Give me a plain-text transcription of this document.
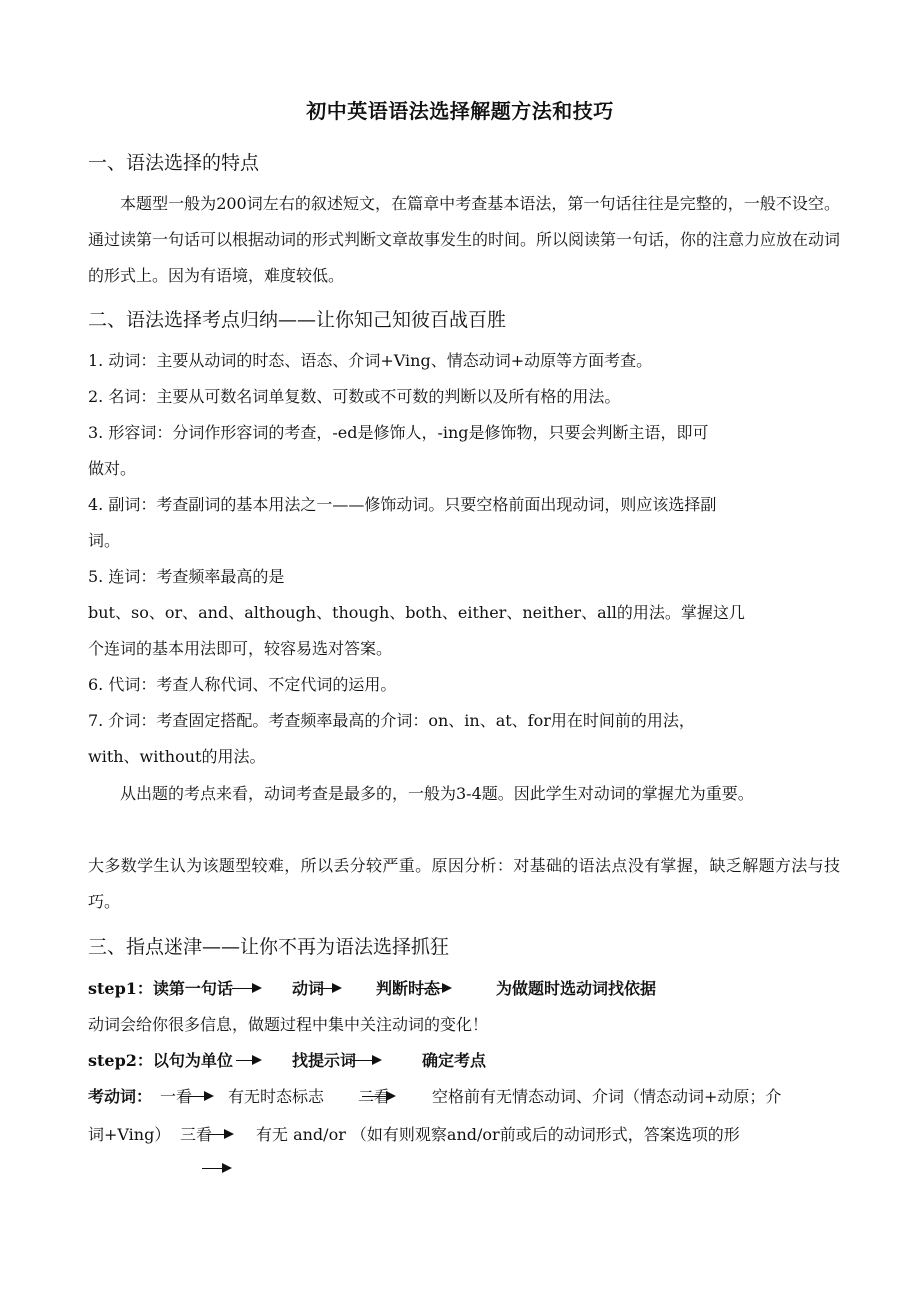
初中英语语法选择解题方法和技巧
一、语法选择的特点
本题型一般为200词左右的叙述短文，在篇章中考查基本语法，第一句话往往是完整的，一般不设空。通过读第一句话可以根据动词的形式判断文章故事发生的时间。所以阅读第一句话，你的注意力应放在动词的形式上。因为有语境，难度较低。
二、语法选择考点归纳——让你知己知彼百战百胜
1. 动词：主要从动词的时态、语态、介词+Ving、情态动词+动原等方面考查。
2. 名词：主要从可数名词单复数、可数或不可数的判断以及所有格的用法。
3. 形容词：分词作形容词的考查，-ed是修饰人，-ing是修饰物，只要会判断主语，即可
做对。
4. 副词：考查副词的基本用法之一——修饰动词。只要空格前面出现动词，则应该选择副
词。
5. 连词：考查频率最高的是
but、so、or、and、although、though、both、either、neither、all的用法。掌握这几
个连词的基本用法即可，较容易选对答案。
6. 代词：考查人称代词、不定代词的运用。
7. 介词：考查固定搭配。考查频率最高的介词：on、in、at、for用在时间前的用法，
with、without的用法。
从出题的考点来看，动词考查是最多的，一般为3-4题。因此学生对动词的掌握尤为重要。
大多数学生认为该题型较难，所以丢分较严重。原因分析：对基础的语法点没有掌握，缺乏解题方法与技巧。
三、指点迷津——让你不再为语法选择抓狂
step1：读第一句话	动词	判断时态	为做题时选动词找依据
动词会给你很多信息，做题过程中集中关注动词的变化！
step2：以句为单位	找提示词	确定考点
考动词： 一看 有无时态标志 二看	空格前有无情态动词、介词（情态动词+动原；介
词+Ving） 三看	有无 and/or （如有则观察and/or前或后的动词形式，答案选项的形
